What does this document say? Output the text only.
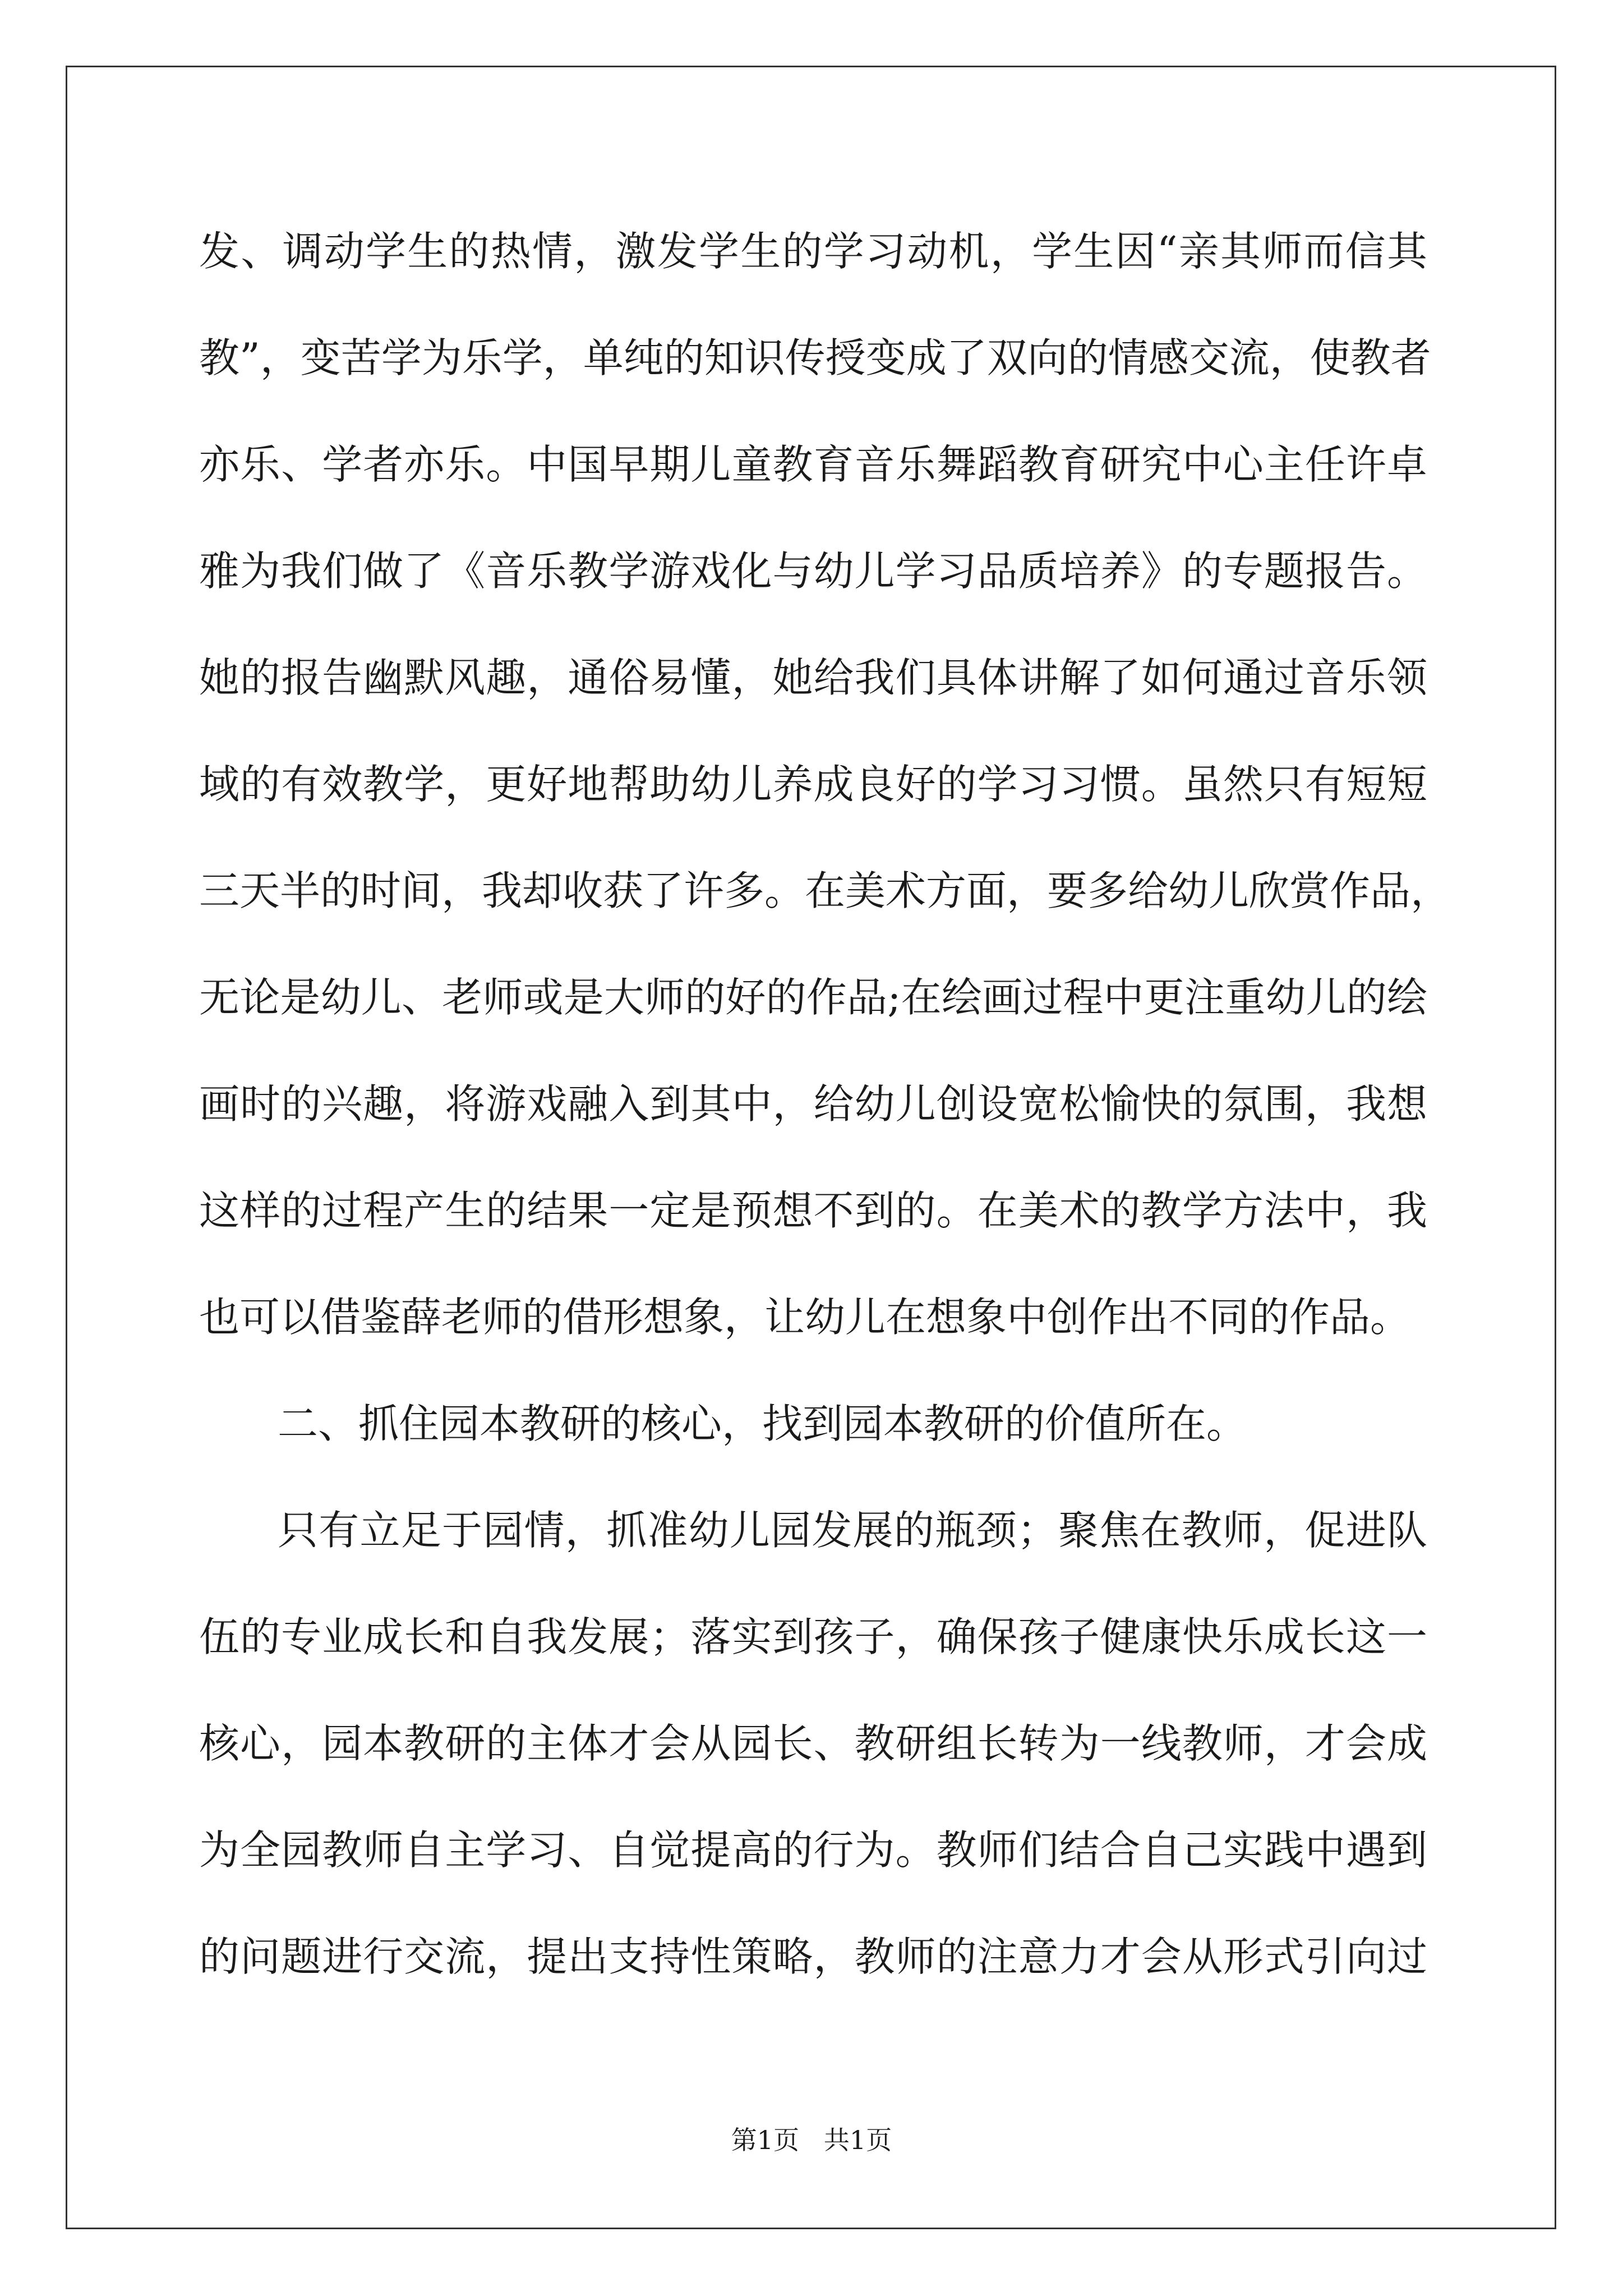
发、调动学生的热情，激发学生的学习动机，学生因“亲其师而信其
教”，变苦学为乐学，单纯的知识传授变成了双向的情感交流，使教者
亦乐、学者亦乐。中国早期儿童教育音乐舞蹈教育研究中心主任许卓
雅为我们做了《音乐教学游戏化与幼儿学习品质培养》的专题报告。
她的报告幽默风趣，通俗易懂，她给我们具体讲解了如何通过音乐领
域的有效教学，更好地帮助幼儿养成良好的学习习惯。虽然只有短短
三天半的时间，我却收获了许多。在美术方面，要多给幼儿欣赏作品，
无论是幼儿、老师或是大师的好的作品;在绘画过程中更注重幼儿的绘
画时的兴趣，将游戏融入到其中，给幼儿创设宽松愉快的氛围，我想
这样的过程产生的结果一定是预想不到的。在美术的教学方法中，我
也可以借鉴薛老师的借形想象，让幼儿在想象中创作出不同的作品。
二、抓住园本教研的核心，找到园本教研的价值所在。
只有立足于园情，抓准幼儿园发展的瓶颈；聚焦在教师，促进队
伍的专业成长和自我发展；落实到孩子，确保孩子健康快乐成长这一
核心，园本教研的主体才会从园长、教研组长转为一线教师，才会成
为全园教师自主学习、自觉提高的行为。教师们结合自己实践中遇到
的问题进行交流，提出支持性策略，教师的注意力才会从形式引向过
第1页   共1页
